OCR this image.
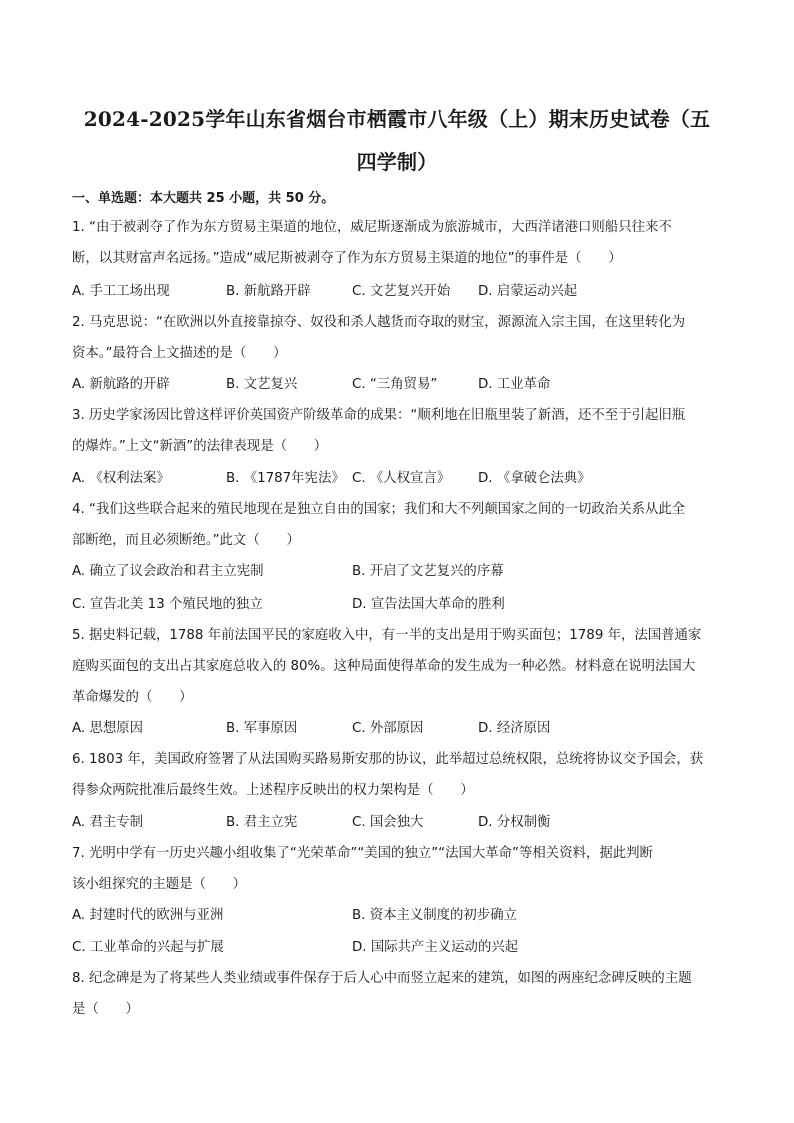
2024-2025学年山东省烟台市栖霞市八年级（上）期末历史试卷（五
四学制）
一、单选题：本大题共 25 小题，共 50 分。
1. “由于被剥夺了作为东方贸易主渠道的地位，威尼斯逐渐成为旅游城市，大西洋诸港口则船只往来不
断，以其财富声名远扬。”造成“威尼斯被剥夺了作为东方贸易主渠道的地位”的事件是（　　）
A. 手工工场出现	B. 新航路开辟	C. 文艺复兴开始 D. 启蒙运动兴起
2. 马克思说：“在欧洲以外直接靠掠夺、奴役和杀人越货而夺取的财宝，源源流入宗主国，在这里转化为
资本。”最符合上文描述的是（　　）
A. 新航路的开辟	B. 文艺复兴	C. “三角贸易”	D. 工业革命
3. 历史学家汤因比曾这样评价英国资产阶级革命的成果：“顺利地在旧瓶里装了新酒，还不至于引起旧瓶
的爆炸。”上文“新酒”的法律表现是（　　）
A. 《权利法案》	B. 《1787年宪法》 C. 《人权宣言》 D. 《拿破仑法典》
4. “我们这些联合起来的殖民地现在是独立自由的国家；我们和大不列颠国家之间的一切政治关系从此全
部断绝，而且必须断绝。”此文（　　）
A. 确立了议会政治和君主立宪制	B. 开启了文艺复兴的序幕
C. 宣告北美 13 个殖民地的独立	D. 宣告法国大革命的胜利
5. 据史料记载，1788 年前法国平民的家庭收入中，有一半的支出是用于购买面包；1789 年，法国普通家
庭购买面包的支出占其家庭总收入的 80%。这种局面使得革命的发生成为一种必然。材料意在说明法国大
革命爆发的（　　）
A. 思想原因	B. 军事原因	C. 外部原因	D. 经济原因
6. 1803 年，美国政府签署了从法国购买路易斯安那的协议，此举超过总统权限，总统将协议交予国会，获
得参众两院批准后最终生效。上述程序反映出的权力架构是（　　）
A. 君主专制	B. 君主立宪	C. 国会独大	D. 分权制衡
7. 光明中学有一历史兴趣小组收集了“光荣革命”“美国的独立”“法国大革命”等相关资料，据此判断
该小组探究的主题是（　　）
A. 封建时代的欧洲与亚洲	B. 资本主义制度的初步确立
C. 工业革命的兴起与扩展	D. 国际共产主义运动的兴起
8. 纪念碑是为了将某些人类业绩或事件保存于后人心中而竖立起来的建筑，如图的两座纪念碑反映的主题
是（　　）
